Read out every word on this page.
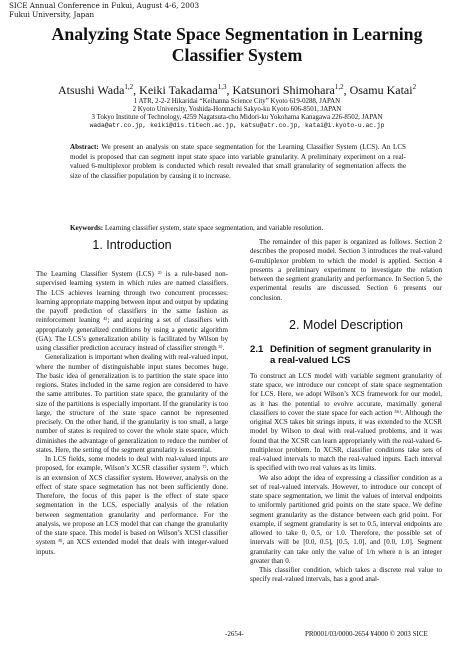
SICE Annual Conference in Fukui, August 4-6, 2003
Fukui University, Japan
Analyzing State Space Segmentation in Learning
Classifier System
Atsushi Wada$^{1,2}$, Keiki Takadama$^{1,3}$, Katsunori Shimohara$^{1,2}$, Osamu Katai$^2$
1 ATR, 2-2-2 Hikaridai “Keihanna Science City” Kyoto 619-0288, JAPAN
2 Kyoto University, Yoshida-Honmachi Sakyo-ku Kyoto 606-8501, JAPAN
3 Tokyo Institute of Technology, 4259 Nagatsuta-cho Midori-ku Yokohama Kanagawa 226-8502, JAPAN
wada@atr.co.jp, keiki@dis.titech.ac.jp, katsu@atr.co.jp, katai@i.kyoto-u.ac.jp
Abstract: We present an analysis on state space segmentation for the Learning Classifier System (LCS). An LCS model is proposed that can segment input state space into variable granularity. A preliminary experiment on a real-valued 6-multiplexor problem is conducted which result revealed that small granularity of segmentation affects the size of the classifier population by causing it to increase.
Keywords: Learning classifier system, state space segmentation, and variable resolution.
1. Introduction

The Learning Classifier System (LCS) ²⁾ is a rule-based non-supervised learning system in which rules are named classifiers. The LCS achieves learning through two concurrent processes: learning appropriate mapping between input and output by updating the payoff prediction of classifiers in the same fashion as reinforcement leaning ⁴⁾; and acquiring a set of classifiers with appropriately generalized conditions by using a genetic algorithm (GA). The LCS’s generalization ability is facilitated by Wilson by using classifier prediction accuracy instead of classifier strength ⁵⁾.

Generalization is important when dealing with real-valued input, where the number of distinguishable input states becomes huge. The basic idea of generalization is to partition the state space into regions. States included in the same region are considered to have the same attributes. To partition state space, the granularity of the size of the partitions is especially important. If the granularity is too large, the structure of the state space cannot be represented precisely. On the other hand, if the granularity is too small, a large number of states is required to cover the whole state space, which diminishes the advantage of generalization to reduce the number of states. Here, the setting of the segment granularity is essential.

In LCS fields, some models to deal with real-valued inputs are proposed, for example, Wilson’s XCSR classifier system ⁷⁾, which is an extension of XCS classifier system. However, analysis on the effect of state space segmetation has not been sufficiently done. Therefore, the focus of this paper is the effect of state space segmentation in the LCS, especially analysis of the relation between segmentation granularity and performance. For the analysis, we propose an LCS model that can change the granularity of the state space. This model is based on Wilson’s XCSI classifier system ⁸⁾, an XCS extended model that deals with integer-valued inputs.

The remainder of this paper is organized as follows. Section 2 describes the proposed model. Section 3 introduces the real-valued 6-multiplexor problem to which the model is applied. Section 4 presents a preliminary experiment to investigate the relation between the segment granularity and performance. In Section 5, the experimental results are discussed. Section 6 presents our conclusion.

2. Model Description
2.1 Definition of segment granularity in
a real-valued LCS

To construct an LCS model with variable segment granularity of state space, we introduce our concept of state space segmentation for LCS. Here, we adopt Wilson’s XCS framework for our model, as it has the potential to evolve accurate, maximally general classifiers to cover the state space for each action ⁵⁶⁾. Although the original XCS takes bit strings inputs, it was extended to the XCSR model by Wilson to deal with real-valued problems, and it was found that the XCSR can learn appropriately with the real-valued 6-multiplexor problem. In XCSR, classifier conditions take sets of real-valued intervals to match the real-valued inputs. Each interval is specified with two real values as its limits.

We also adopt the idea of expressing a classifier condition as a set of real-valued intervals. However, to introduce our concept of state space segmentation, we limit the values of interval endpoints to uniformly partitioned grid points on the state space. We define segment granularity as the distance between each grid point. For example, if segment granularity is set to 0.5, interval endpoints are allowed to take 0, 0.5, or 1.0. Therefore, the possible set of intervals will be [0.0, 0.5], [0.5, 1.0], and [0.0, 1.0]. Segment granularity can take only the value of 1/n where n is an integer greater than 0.

This classifier condition, which takes a discrete real value to specify real-valued intervals, has a good anal-

-2654-	PR0001/03/0000-2654 ¥4000 © 2003 SICE
